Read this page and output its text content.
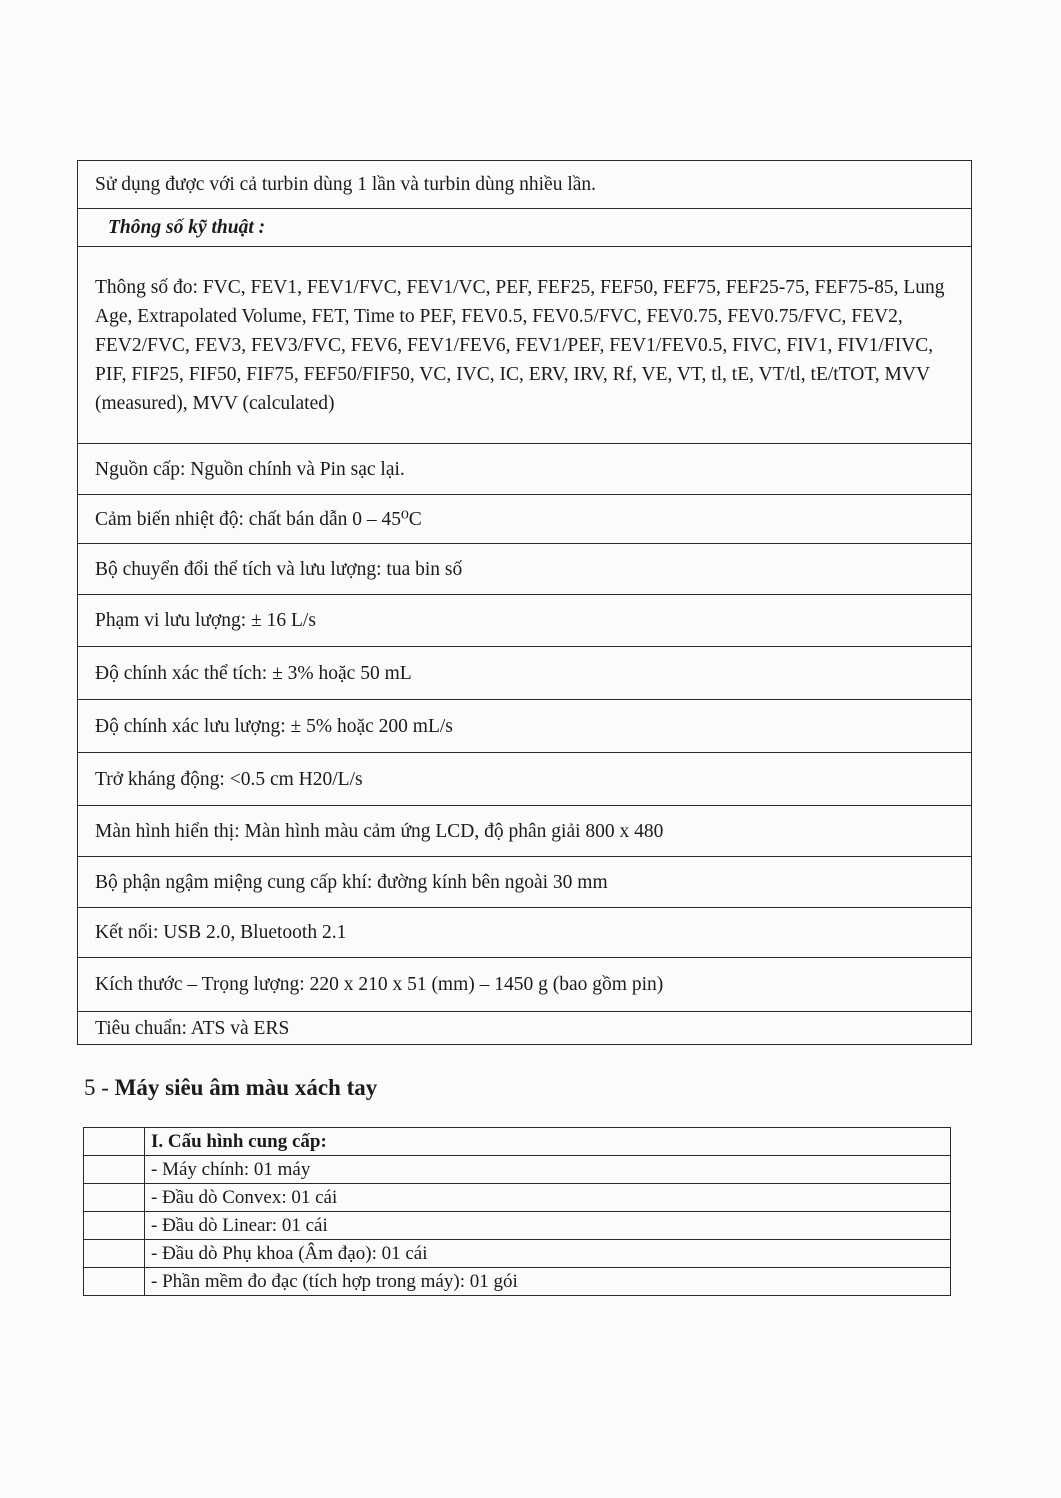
Sử dụng được với cả turbin dùng 1 lần và turbin dùng nhiều lần.
Thông số kỹ thuật :
Thông số đo: FVC, FEV1, FEV1/FVC, FEV1/VC, PEF, FEF25, FEF50, FEF75, FEF25-75, FEF75-85, Lung Age, Extrapolated Volume, FET, Time to PEF, FEV0.5, FEV0.5/FVC, FEV0.75, FEV0.75/FVC, FEV2, FEV2/FVC, FEV3, FEV3/FVC, FEV6, FEV1/FEV6, FEV1/PEF, FEV1/FEV0.5, FIVC, FIV1, FIV1/FIVC, PIF, FIF25, FIF50, FIF75, FEF50/FIF50, VC, IVC, IC, ERV, IRV, Rf, VE, VT, tl, tE, VT/tl, tE/tTOT, MVV (measured), MVV (calculated)
Nguồn cấp: Nguồn chính và Pin sạc lại.
Cảm biến nhiệt độ: chất bán dẫn 0 – 45⁰C
Bộ chuyển đổi thể tích và lưu lượng: tua bin số
Phạm vi lưu lượng: ± 16 L/s
Độ chính xác thể tích: ± 3% hoặc 50 mL
Độ chính xác lưu lượng: ± 5% hoặc 200 mL/s
Trở kháng động: <0.5 cm H20/L/s
Màn hình hiển thị: Màn hình màu cảm ứng LCD, độ phân giải 800 x 480
Bộ phận ngậm miệng cung cấp khí: đường kính bên ngoài 30 mm
Kết nối: USB 2.0, Bluetooth 2.1
Kích thước – Trọng lượng: 220 x 210 x 51 (mm) – 1450 g (bao gồm pin)
Tiêu chuẩn: ATS và ERS
5 - Máy siêu âm màu xách tay
	I. Cấu hình cung cấp:
	- Máy chính: 01 máy
	- Đầu dò Convex: 01 cái
	- Đầu dò Linear: 01 cái
	- Đầu dò Phụ khoa (Âm đạo): 01 cái
	- Phần mềm đo đạc (tích hợp trong máy): 01 gói
